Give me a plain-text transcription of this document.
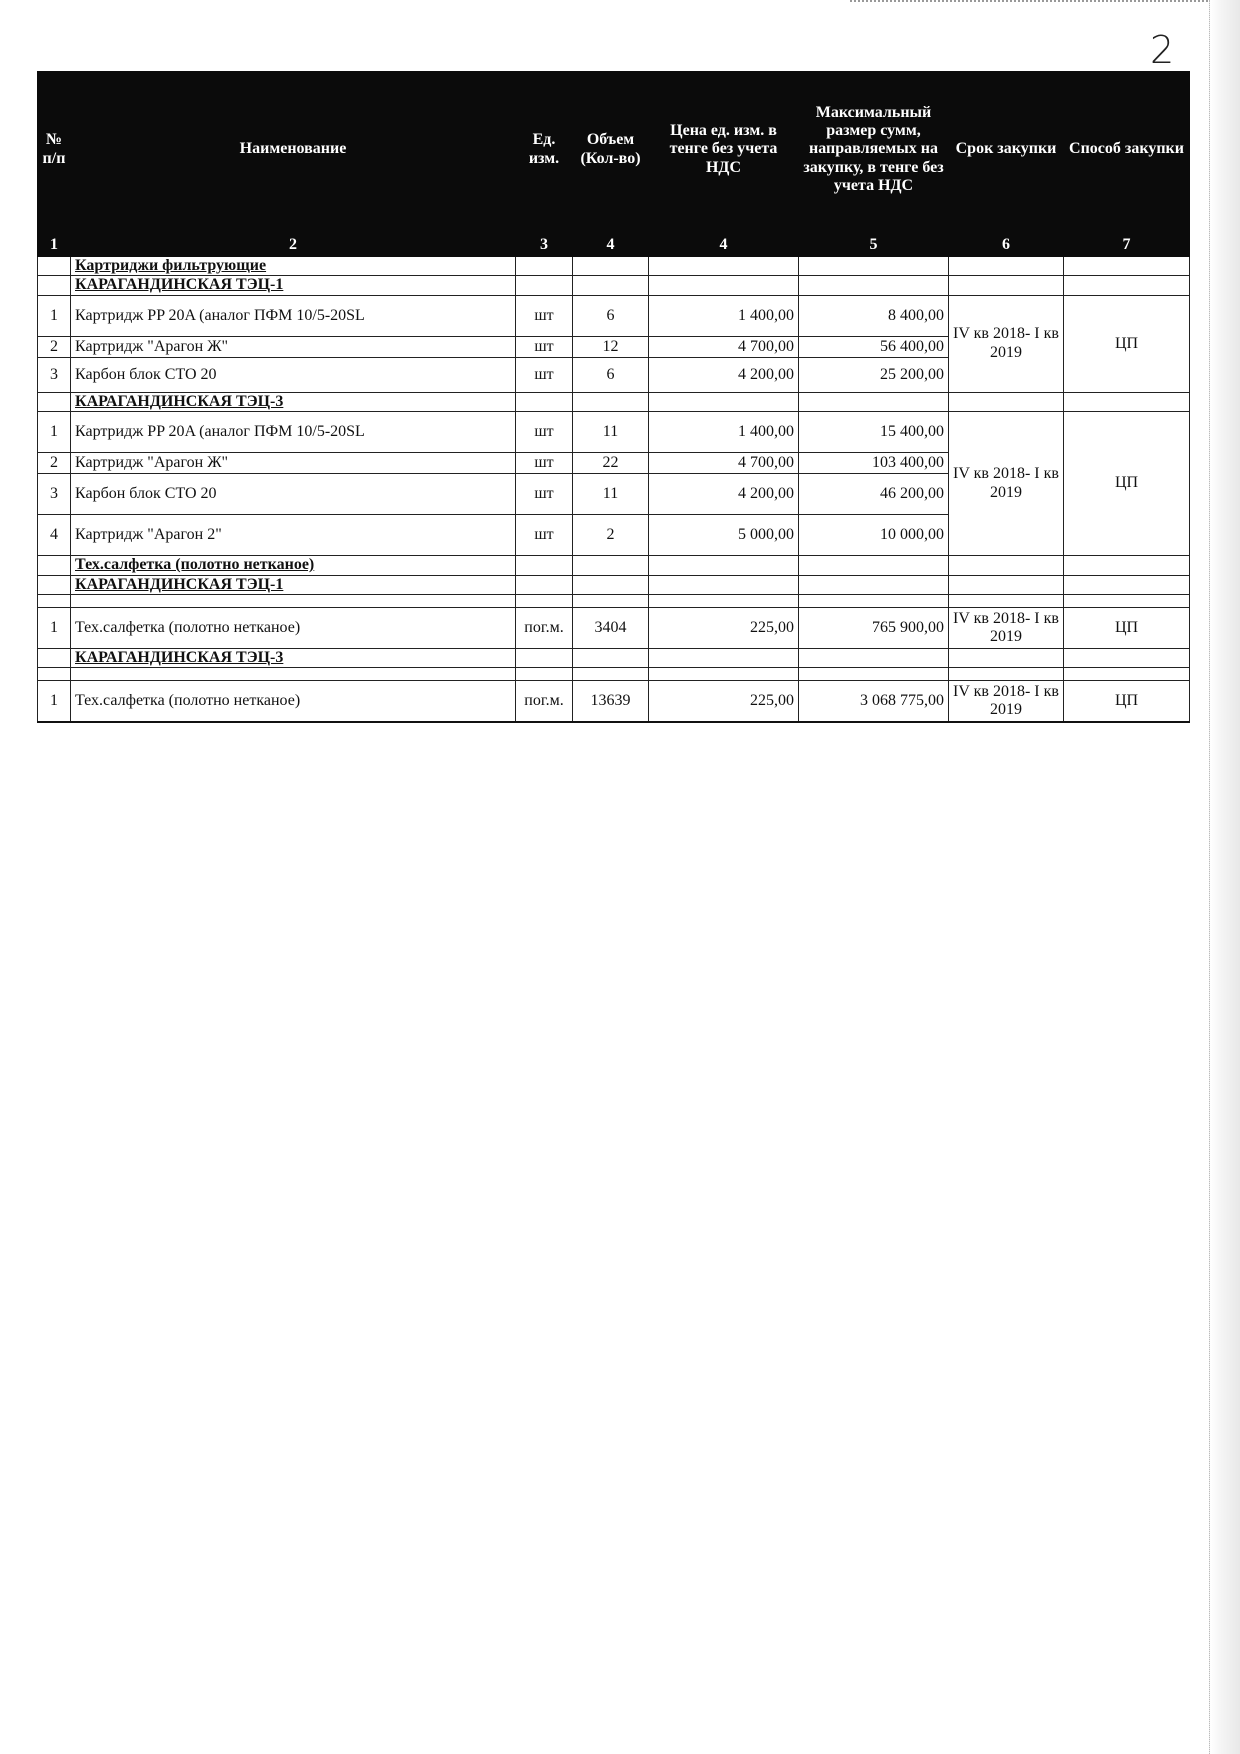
2
№ п/п	Наименование	Ед. изм.	Объем (Кол-во)	Цена ед. изм. в тенге без учета НДС	Максимальный размер сумм, направляемых на закупку, в тенге без учета НДС	Срок закупки	Способ закупки
1	2	3	4	4	5	6	7
	Картриджи фильтрующие						
	КАРАГАНДИНСКАЯ ТЭЦ-1						
1	Картридж PP 20A (аналог ПФМ 10/5-20SL	шт	6	1 400,00	8 400,00	IV кв 2018- I кв 2019	ЦП
2	Картридж "Арагон Ж"	шт	12	4 700,00	56 400,00		
3	Карбон блок СТО 20	шт	6	4 200,00	25 200,00		
	КАРАГАНДИНСКАЯ ТЭЦ-3						
1	Картридж PP 20A (аналог ПФМ 10/5-20SL	шт	11	1 400,00	15 400,00	IV кв 2018- I кв 2019	ЦП
2	Картридж "Арагон Ж"	шт	22	4 700,00	103 400,00		
3	Карбон блок СТО 20	шт	11	4 200,00	46 200,00		
4	Картридж "Арагон 2"	шт	2	5 000,00	10 000,00		
	Тех.салфетка (полотно нетканое)						
	КАРАГАНДИНСКАЯ ТЭЦ-1						

1	Тех.салфетка (полотно нетканое)	пог.м.	3404	225,00	765 900,00	IV кв 2018- I кв 2019	ЦП
	КАРАГАНДИНСКАЯ ТЭЦ-3						

1	Тех.салфетка (полотно нетканое)	пог.м.	13639	225,00	3 068 775,00	IV кв 2018- I кв 2019	ЦП
